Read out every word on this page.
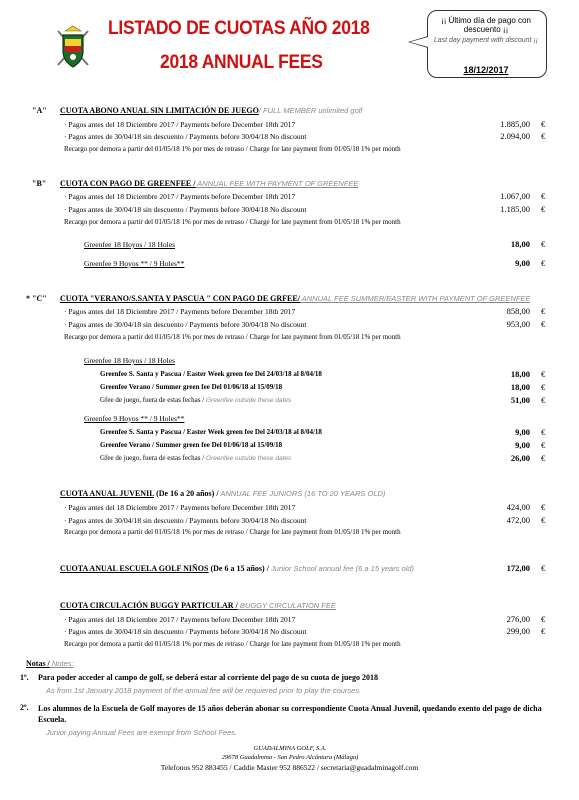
LISTADO DE CUOTAS AÑO 2018
2018 ANNUAL FEES
¡¡ Último día de pago con descuento ¡¡
Last day payment with discount ¡¡
18/12/2017
"A" CUOTA ABONO ANUAL SIN LIMITACIÓN DE JUEGO/ FULL MEMBER unlimited golf
· Pagos antes del 18 Diciembre 2017 / Payments before December 18th 2017	1.885,00 €
· Pagos antes de 30/04/18 sin descuento / Payments before 30/04/18 No discount	2.094,00 €
Recargo por demora a partir del 01/05/18 1% por mes de retraso / Charge for late payment from 01/05/18 1% per month
"B" CUOTA CON PAGO DE GREENFEE / ANNUAL FEE WITH PAYMENT OF GREENFEE
· Pagos antes del 18 Diciembre 2017 / Payments before December 18th 2017	1.067,00 €
· Pagos antes de 30/04/18 sin descuento / Payments before 30/04/18 No discount	1.185,00 €
Recargo por demora a partir del 01/05/18 1% por mes de retraso / Charge for late payment from 01/05/18 1% per month
Greenfee 18 Hoyos / 18 Holes	18,00 €
Greenfee 9 Hoyos ** / 9 Holes**	9,00 €
* "C" CUOTA "VERANO/S.SANTA Y PASCUA " CON PAGO DE GRFEE/ ANNUAL FEE SUMMER/EASTER WITH PAYMENT OF GREENFEE
· Pagos antes del 18 Diciembre 2017 / Payments before December 18th 2017	858,00 €
· Pagos antes de 30/04/18 sin descuento / Payments before 30/04/18 No discount	953,00 €
Recargo por demora a partir del 01/05/18 1% por mes de retraso / Charge for late payment from 01/05/18 1% per month
Greenfee 18 Hoyos / 18 Holes
Greenfee S. Santa y Pascua / Easter Week green fee Del 24/03/18 al 8/04/18	18,00 €
Greenfee Verano / Summer green fee Del 01/06/18 al 15/09/18	18,00 €
Gfee de juego, fuera de estas fechas / Greenfee outside these dates	51,00 €
Greenfee 9 Hoyos ** / 9 Holes**
Greenfee S. Santa y Pascua / Easter Week green fee Del 24/03/18 al 8/04/18	9,00 €
Greenfee Verano / Summer green fee Del 01/06/18 al 15/09/18	9,00 €
Gfee de juego, fuera de estas fechas / Greenfee outside these dates	26,00 €
CUOTA ANUAL JUVENIL (De 16 a 20 años) / ANNUAL FEE JUNIORS (16 TO 20 YEARS OLD)
· Pagos antes del 18 Diciembre 2017 / Payments before December 18th 2017	424,00 €
· Pagos antes de 30/04/18 sin descuento / Payments before 30/04/18 No discount	472,00 €
Recargo por demora a partir del 01/05/18 1% por mes de retraso / Charge for late payment from 01/05/18 1% per month
CUOTA ANUAL ESCUELA GOLF NIÑOS (De 6 a 15 años) / Junior School annual fee (6 a 15 years old)	172,00 €
CUOTA CIRCULACIÓN BUGGY PARTICULAR / BUGGY CIRCULATION FEE
· Pagos antes del 18 Diciembre 2017 / Payments before December 18th 2017	276,00 €
· Pagos antes de 30/04/18 sin descuento / Payments before 30/04/18 No discount	299,00 €
Recargo por demora a partir del 01/05/18 1% por mes de retraso / Charge for late payment from 01/05/18 1% per month
Notas / Notes:
1º. Para poder acceder al campo de golf, se deberá estar al corriente del pago de su cuota de juego 2018
As from 1st January 2018 payment of the annual fee will be requiered prior to play the courses.
2º. Los alumnos de la Escuela de Golf mayores de 15 años deberán abonar su correspondiente Cuota Anual Juvenil, quedando exento del pago de dicha Escuela.
Junior paying Annual Fees are exempt from School Fees.
GUADALMINA GOLF, S.A.
29678 Guadalmina - San Pedro Alcántara (Málaga)
Telefonos 952 883455 / Caddie Master 952 886522 / secretaria@guadalminagolf.com
